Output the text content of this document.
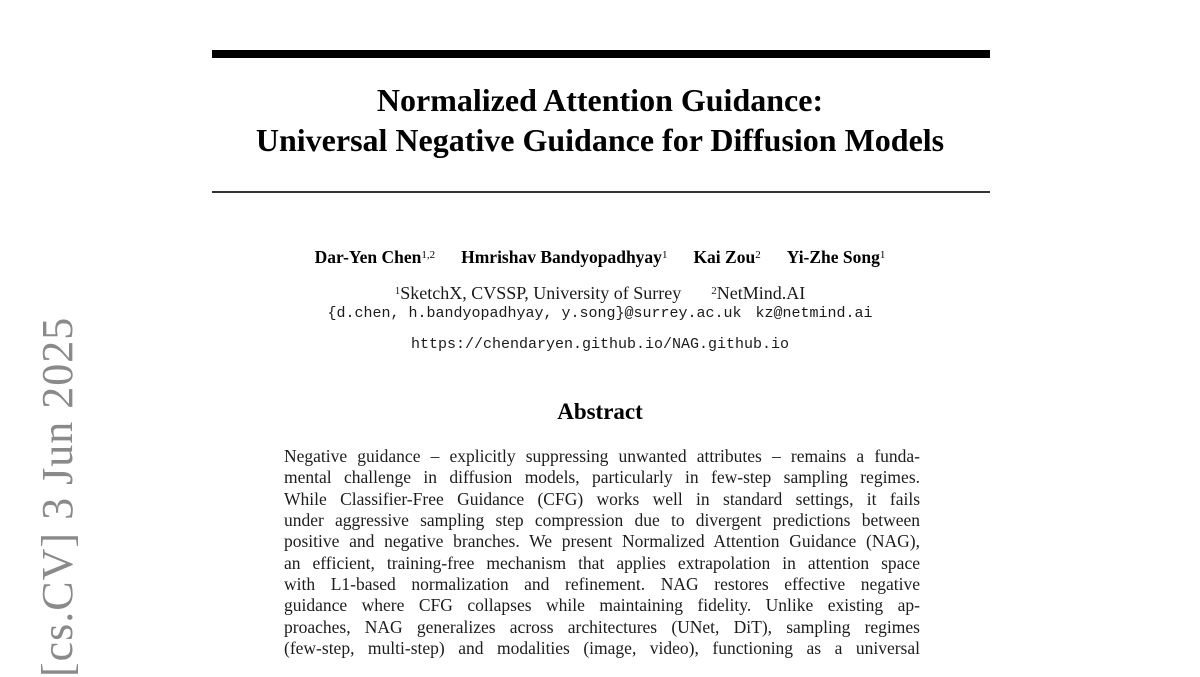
[cs.CV] 3 Jun 2025
Normalized Attention Guidance:
Universal Negative Guidance for Diffusion Models
Dar-Yen Chen$^{1,2}$ Hmrishav Bandyopadhyay$^1$ Kai Zou$^2$ Yi-Zhe Song$^1$
$^1$SketchX, CVSSP, University of Surrey	$^2$NetMind.AI
{d.chen, h.bandyopadhyay, y.song}@surrey.ac.uk kz@netmind.ai
https://chendaryen.github.io/NAG.github.io
Abstract
Negative guidance – explicitly suppressing unwanted attributes – remains a funda-
mental challenge in diffusion models, particularly in few-step sampling regimes.
While Classifier-Free Guidance (CFG) works well in standard settings, it fails
under aggressive sampling step compression due to divergent predictions between
positive and negative branches. We present Normalized Attention Guidance (NAG),
an efficient, training-free mechanism that applies extrapolation in attention space
with L1-based normalization and refinement. NAG restores effective negative
guidance where CFG collapses while maintaining fidelity. Unlike existing ap-
proaches, NAG generalizes across architectures (UNet, DiT), sampling regimes
(few-step, multi-step) and modalities (image, video), functioning as a universal
